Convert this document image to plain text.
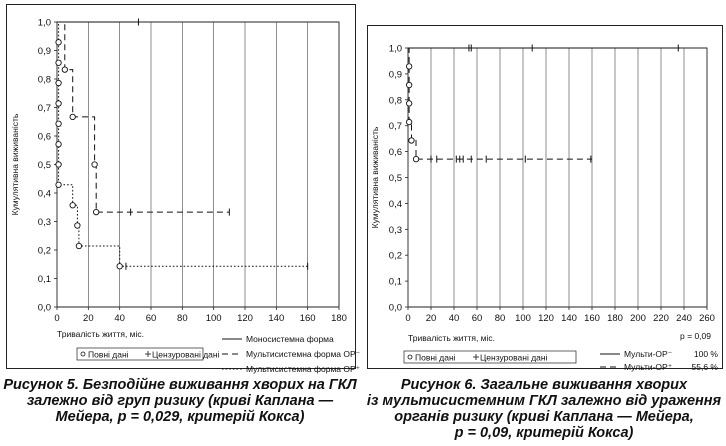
0 20 40 60 80 100 120 140 160 180
0,0
0,1
0,2
0,3
0,4
0,5
0,6
0,7
0,8
0,9
1,0
Тривалість життя, міс.
Кумулятивна виживаність
Повні дані	Цензуровані дані
Моносистемна форма
Мультисистемна форма ОР⁻
Мультисистемна форма ОР⁺
0 20 40 60 80 100 120 140 160 180 200 220 240 260
0,0
0,1
0,2
0,3
0,4
0,5
0,6
0,7
0,8
0,9
1,0
Тривалість життя, міс.
Кумулятивна виживаність
p = 0,09
Повні дані	Цензуровані дані	Мульти-ОР⁻	100 %
Мульти-ОР⁺ 55,6 %
Рисунок 5. Безподійне виживання хворих на ГКЛ
залежно від груп ризику (криві Каплана —
Мейера, р = 0,029, критерій Кокса)
Рисунок 6. Загальне виживання хворих
із мультисистемним ГКЛ залежно від ураження
органів ризику (криві Каплана — Мейера,
р = 0,09, критерій Кокса)
